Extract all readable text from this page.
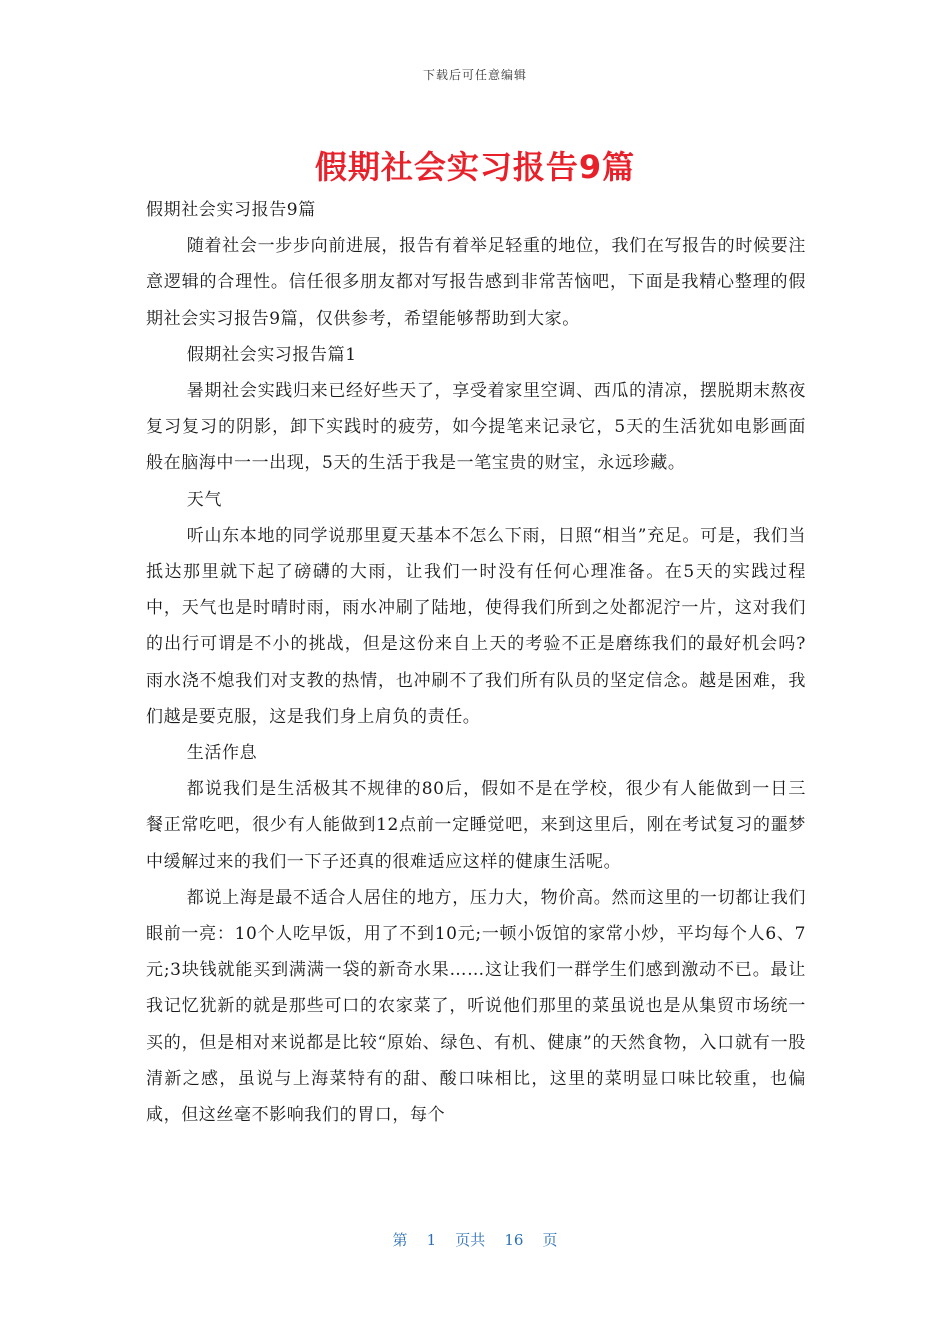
下载后可任意编辑
假期社会实习报告9篇

假期社会实习报告9篇

随着社会一步步向前进展，报告有着举足轻重的地位，我们在写报告的时候要注意逻辑的合理性。信任很多朋友都对写报告感到非常苦恼吧，下面是我精心整理的假期社会实习报告9篇，仅供参考，希望能够帮助到大家。

假期社会实习报告篇1

暑期社会实践归来已经好些天了，享受着家里空调、西瓜的清凉，摆脱期末熬夜复习复习的阴影，卸下实践时的疲劳，如今提笔来记录它，5天的生活犹如电影画面般在脑海中一一出现，5天的生活于我是一笔宝贵的财宝，永远珍藏。

天气

听山东本地的同学说那里夏天基本不怎么下雨，日照“相当”充足。可是，我们当抵达那里就下起了磅礴的大雨，让我们一时没有任何心理准备。在5天的实践过程中，天气也是时晴时雨，雨水冲刷了陆地，使得我们所到之处都泥泞一片，这对我们的出行可谓是不小的挑战，但是这份来自上天的考验不正是磨练我们的最好机会吗?雨水浇不熄我们对支教的热情，也冲刷不了我们所有队员的坚定信念。越是困难，我们越是要克服，这是我们身上肩负的责任。

生活作息

都说我们是生活极其不规律的80后，假如不是在学校，很少有人能做到一日三餐正常吃吧，很少有人能做到12点前一定睡觉吧，来到这里后，刚在考试复习的噩梦中缓解过来的我们一下子还真的很难适应这样的健康生活呢。

都说上海是最不适合人居住的地方，压力大，物价高。然而这里的一切都让我们眼前一亮：10个人吃早饭，用了不到10元;一顿小饭馆的家常小炒，平均每个人6、7元;3块钱就能买到满满一袋的新奇水果……这让我们一群学生们感到激动不已。最让我记忆犹新的就是那些可口的农家菜了，听说他们那里的菜虽说也是从集贸市场统一买的，但是相对来说都是比较“原始、绿色、有机、健康”的天然食物，入口就有一股清新之感，虽说与上海菜特有的甜、酸口味相比，这里的菜明显口味比较重，也偏咸，但这丝毫不影响我们的胃口，每个

第 1 页共 16 页
